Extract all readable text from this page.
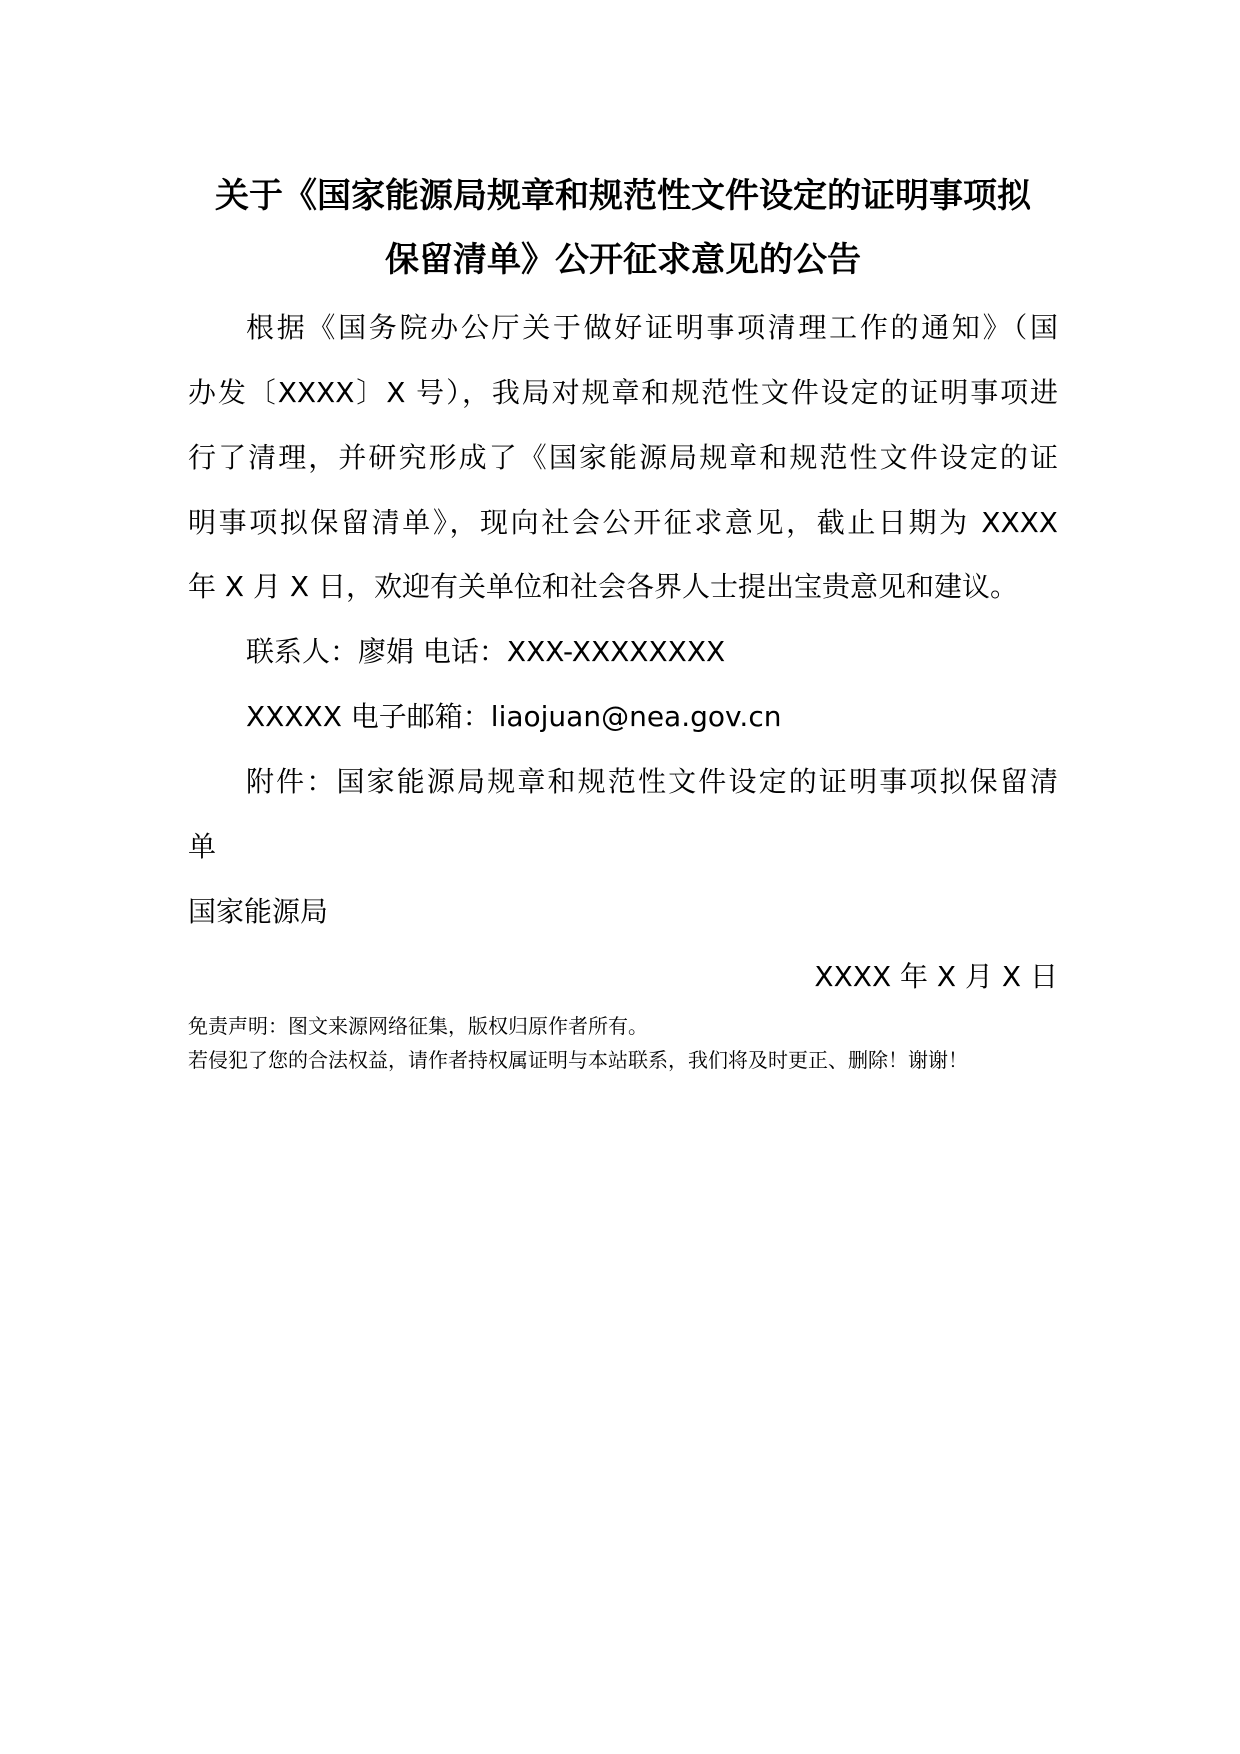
关于《国家能源局规章和规范性文件设定的证明事项拟
保留清单》公开征求意见的公告
根据《国务院办公厅关于做好证明事项清理工作的通知》（国
办发〔XXXX〕X 号），我局对规章和规范性文件设定的证明事项进
行了清理，并研究形成了《国家能源局规章和规范性文件设定的证
明事项拟保留清单》，现向社会公开征求意见，截止日期为 XXXX
年 X 月 X 日，欢迎有关单位和社会各界人士提出宝贵意见和建议。
联系人：廖娟 电话：XXX-XXXXXXXX
XXXXX 电子邮箱：liaojuan@nea.gov.cn
附件：国家能源局规章和规范性文件设定的证明事项拟保留清
单
国家能源局
XXXX 年 X 月 X 日
免责声明：图文来源网络征集，版权归原作者所有。
若侵犯了您的合法权益，请作者持权属证明与本站联系，我们将及时更正、删除！谢谢！
